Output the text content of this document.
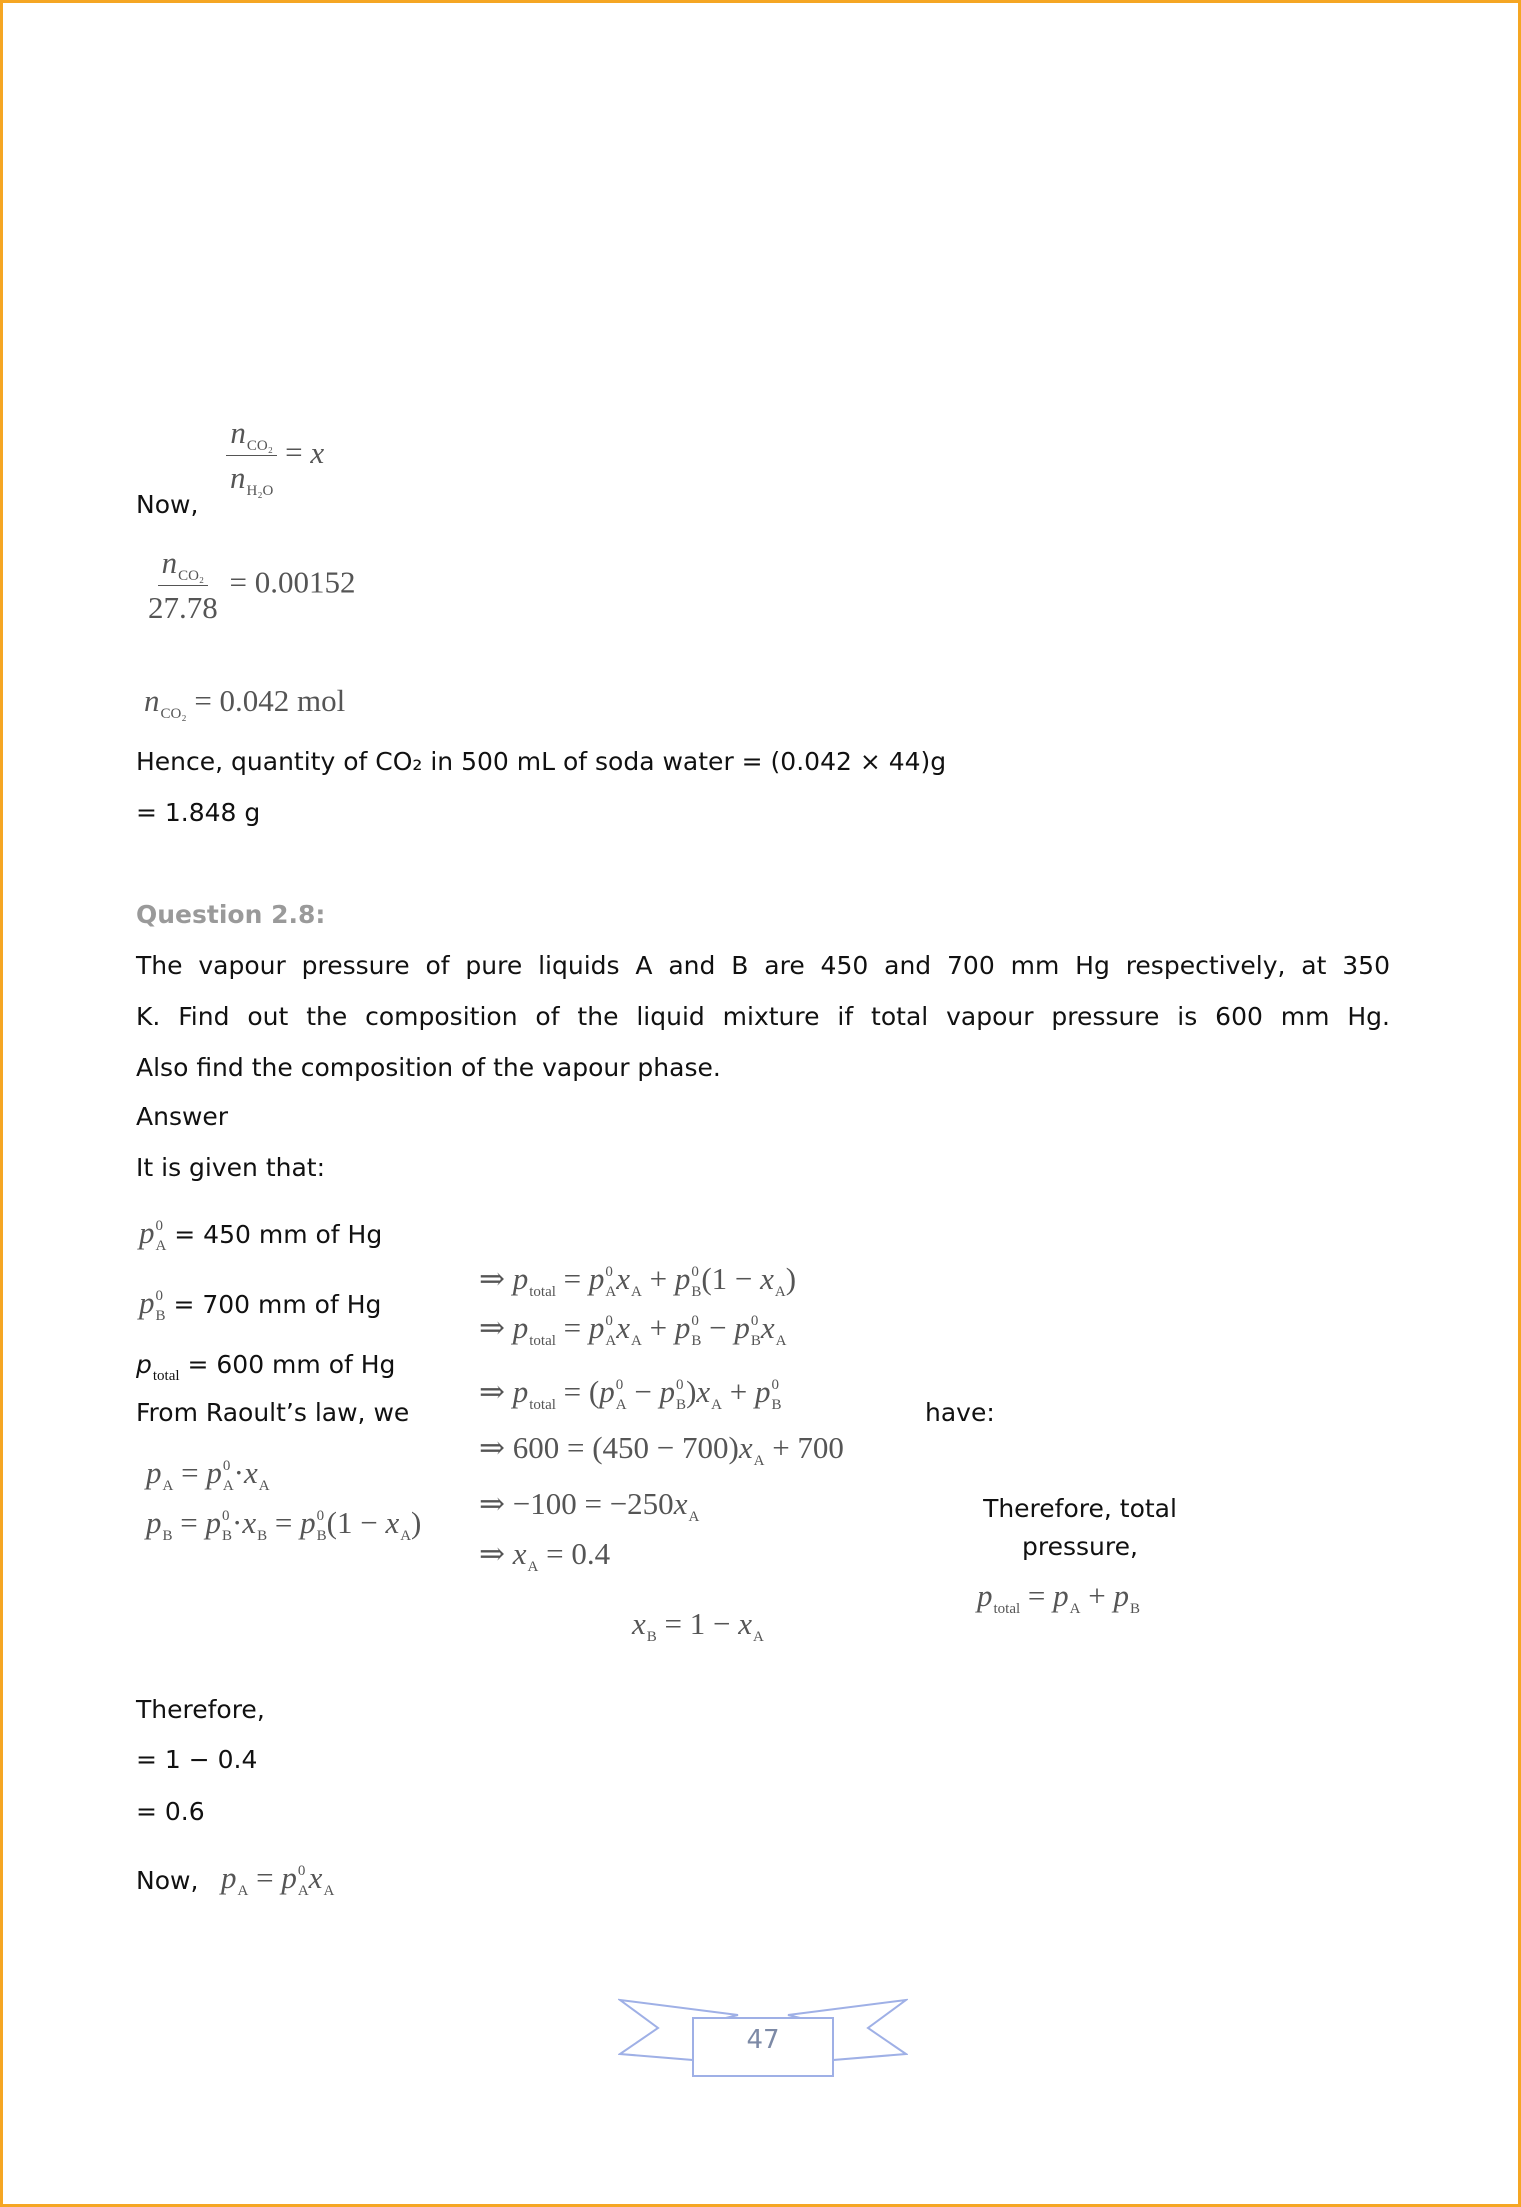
$\frac{\text{n CO₂}}{\text{n H₂O}} = x$
Now,
$\frac{\text{n CO₂}}{27.78} = 0.00152$
n CO₂ = 0.042 mol
Hence, quantity of CO₂ in 500 mL of soda water = (0.042 × 44)g
= 1.848 g
Question 2.8:
The vapour pressure of pure liquids A and B are 450 and 700 mm Hg respectively, at 350
K. Find out the composition of the liquid mixture if total vapour pressure is 600 mm Hg.
Also find the composition of the vapour phase.
Answer
It is given that:
p 0
A = 450 mm of Hg
p 0
B = 700 mm of Hg
p total = 600 mm of Hg
From Raoult’s law, we	have:
p A = p 0
A ·x A
p B = p 0
B ·x B = p 0
B (1 − x A )
⇒ p total = p 0
A x A + p 0
B (1 − x A )
⇒ p total = p 0
A x A + p 0
B − p 0
B x A
⇒ p total = (p 0
A − p 0
B )x A + p 0
B
⇒ 600 = (450 − 700)x A + 700
⇒ −100 = −250x A
⇒ x A = 0.4
x B = 1 − x A
Therefore, total
pressure,
p total = p A + p B
Therefore,
= 1 − 0.4
= 0.6
Now, p A = p 0
A x A
47
